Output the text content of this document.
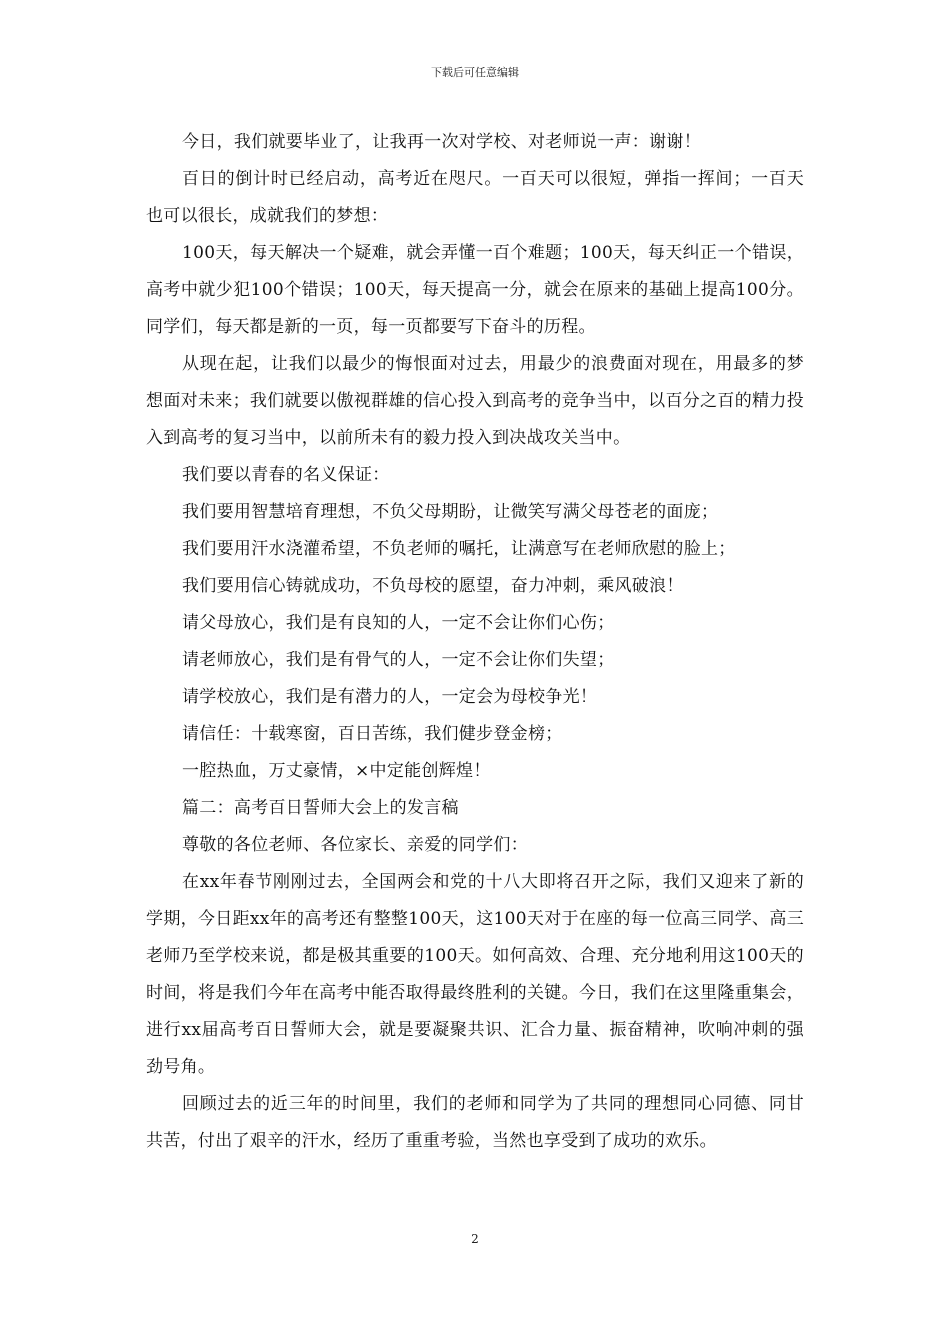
下载后可任意编辑

今日，我们就要毕业了，让我再一次对学校、对老师说一声：谢谢！

百日的倒计时已经启动，高考近在咫尺。一百天可以很短，弹指一挥间；一百天也可以很长，成就我们的梦想：

100天，每天解决一个疑难，就会弄懂一百个难题；100天，每天纠正一个错误，高考中就少犯100个错误；100天，每天提高一分，就会在原来的基础上提高100分。同学们，每天都是新的一页，每一页都要写下奋斗的历程。

从现在起，让我们以最少的悔恨面对过去，用最少的浪费面对现在，用最多的梦想面对未来；我们就要以傲视群雄的信心投入到高考的竞争当中，以百分之百的精力投入到高考的复习当中，以前所未有的毅力投入到决战攻关当中。

我们要以青春的名义保证：

我们要用智慧培育理想，不负父母期盼，让微笑写满父母苍老的面庞；

我们要用汗水浇灌希望，不负老师的嘱托，让满意写在老师欣慰的脸上；

我们要用信心铸就成功，不负母校的愿望，奋力冲刺，乘风破浪！

请父母放心，我们是有良知的人，一定不会让你们心伤；

请老师放心，我们是有骨气的人，一定不会让你们失望；

请学校放心，我们是有潜力的人，一定会为母校争光！

请信任：十载寒窗，百日苦练，我们健步登金榜；

一腔热血，万丈豪情，×中定能创辉煌！

篇二：高考百日誓师大会上的发言稿

尊敬的各位老师、各位家长、亲爱的同学们：

在xx年春节刚刚过去，全国两会和党的十八大即将召开之际，我们又迎来了新的学期，今日距xx年的高考还有整整100天，这100天对于在座的每一位高三同学、高三老师乃至学校来说，都是极其重要的100天。如何高效、合理、充分地利用这100天的时间，将是我们今年在高考中能否取得最终胜利的关键。今日，我们在这里隆重集会，进行xx届高考百日誓师大会，就是要凝聚共识、汇合力量、振奋精神，吹响冲刺的强劲号角。

回顾过去的近三年的时间里，我们的老师和同学为了共同的理想同心同德、同甘共苦，付出了艰辛的汗水，经历了重重考验，当然也享受到了成功的欢乐。

2
